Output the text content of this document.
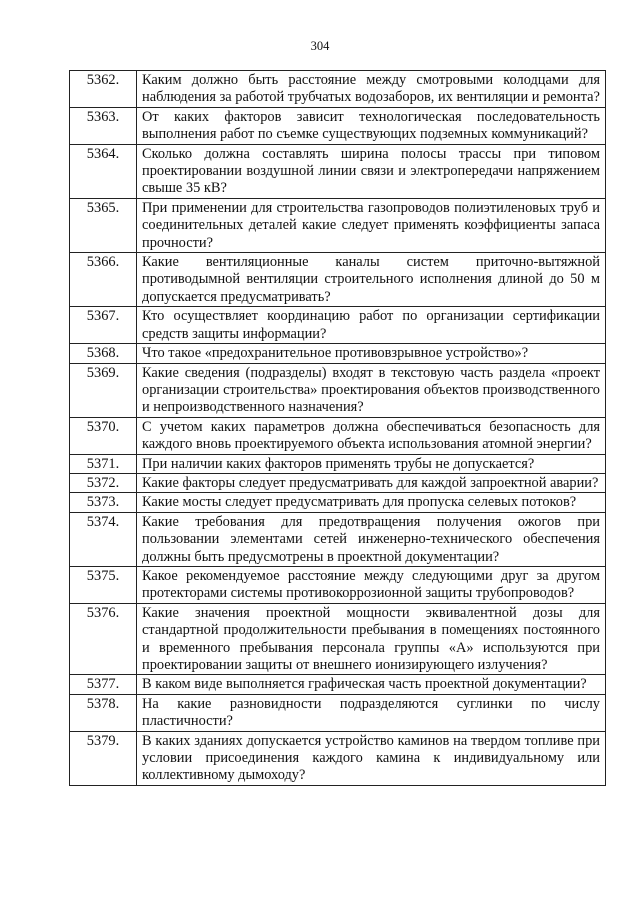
304
5362.	Каким должно быть расстояние между смотровыми колодцами для наблюдения за работой трубчатых водозаборов, их вентиляции и ремонта?
5363.	От каких факторов зависит технологическая последовательность выполнения работ по съемке существующих подземных коммуникаций?
5364.	Сколько должна составлять ширина полосы трассы при типовом проектировании воздушной линии связи и электропередачи напряжением свыше 35 кВ?
5365.	При применении для строительства газопроводов полиэтиленовых труб и соединительных деталей какие следует применять коэффициенты запаса прочности?
5366.	Какие вентиляционные каналы систем приточно-вытяжной противодымной вентиляции строительного исполнения длиной до 50 м допускается предусматривать?
5367.	Кто осуществляет координацию работ по организации сертификации средств защиты информации?
5368.	Что такое «предохранительное противовзрывное устройство»?
5369.	Какие сведения (подразделы) входят в текстовую часть раздела «проект организации строительства» проектирования объектов производственного и непроизводственного назначения?
5370.	С учетом каких параметров должна обеспечиваться безопасность для каждого вновь проектируемого объекта использования атомной энергии?
5371.	При наличии каких факторов применять трубы не допускается?
5372.	Какие факторы следует предусматривать для каждой запроектной аварии?
5373.	Какие мосты следует предусматривать для пропуска селевых потоков?
5374.	Какие требования для предотвращения получения ожогов при пользовании элементами сетей инженерно-технического обеспечения должны быть предусмотрены в проектной документации?
5375.	Какое рекомендуемое расстояние между следующими друг за другом протекторами системы противокоррозионной защиты трубопроводов?
5376.	Какие значения проектной мощности эквивалентной дозы для стандартной продолжительности пребывания в помещениях постоянного и временного пребывания персонала группы «А» используются при проектировании защиты от внешнего ионизирующего излучения?
5377.	В каком виде выполняется графическая часть проектной документации?
5378.	На какие разновидности подразделяются суглинки по числу пластичности?
5379.	В каких зданиях допускается устройство каминов на твердом топливе при условии присоединения каждого камина к индивидуальному или коллективному дымоходу?
